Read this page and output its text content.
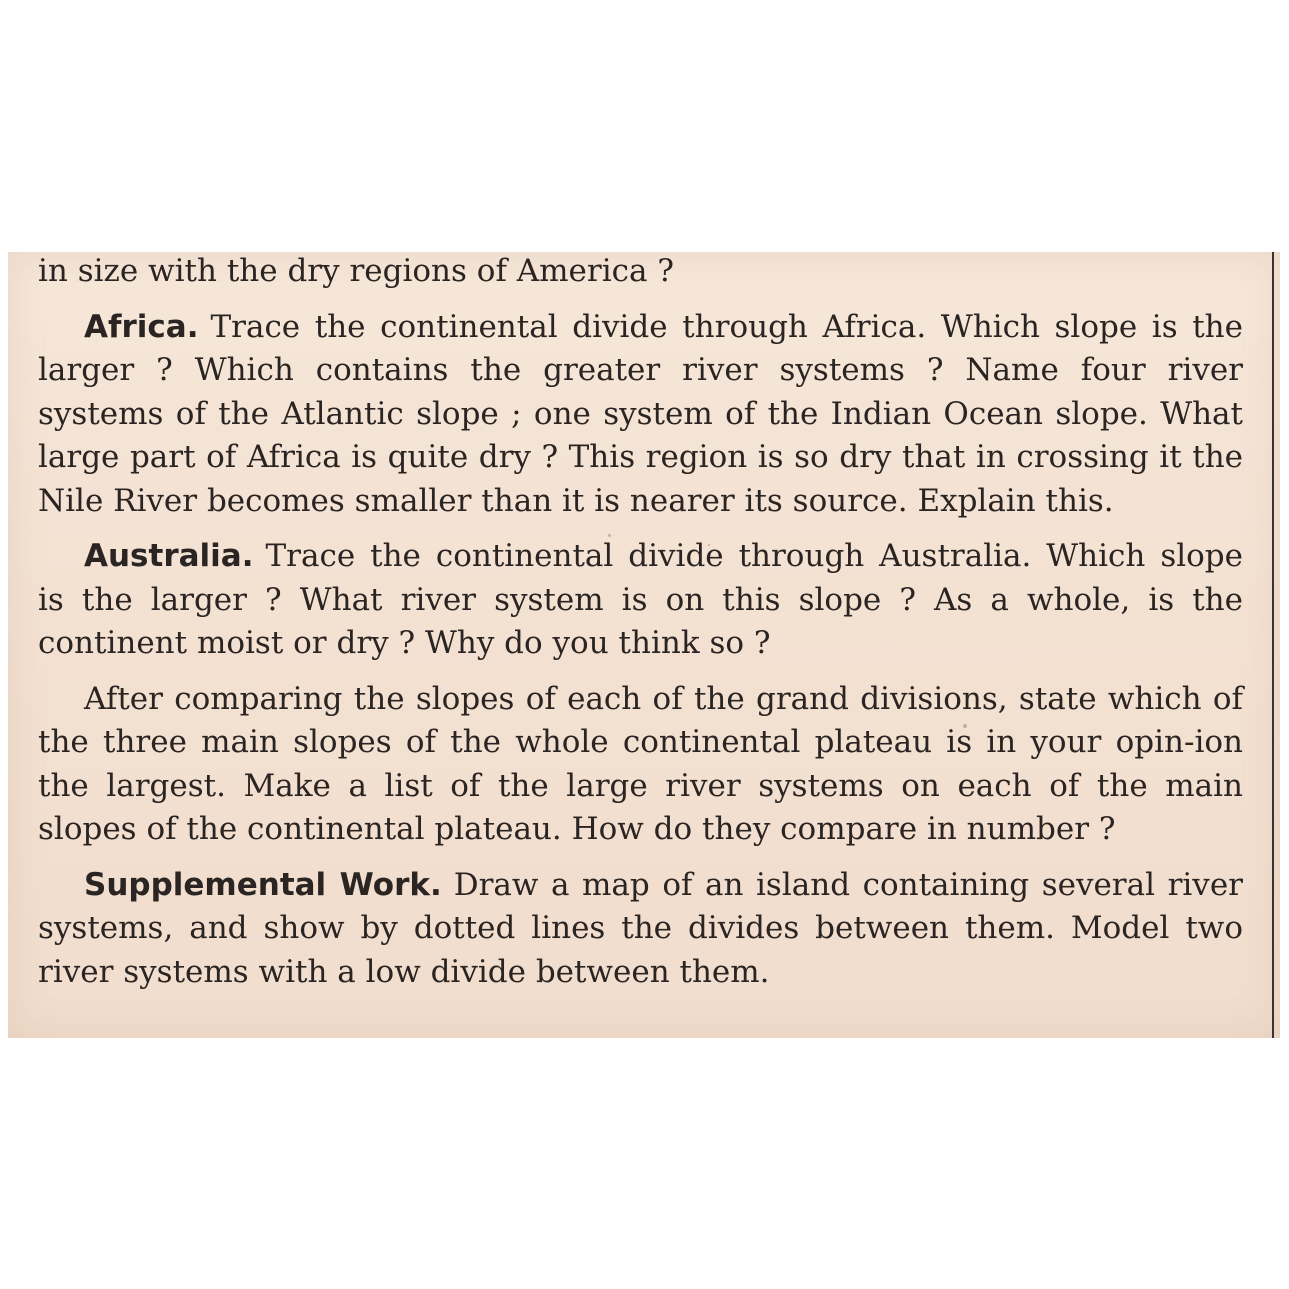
in size with the dry regions of America ?

Africa. Trace the continental divide through Africa. Which slope is the larger ? Which contains the greater river systems ? Name four river systems of the Atlantic slope ; one system of the Indian Ocean slope. What large part of Africa is quite dry ? This region is so dry that in crossing it the Nile River becomes smaller than it is nearer its source. Explain this.

Australia. Trace the continental divide through Australia. Which slope is the larger ? What river system is on this slope ? As a whole, is the continent moist or dry ? Why do you think so ?

After comparing the slopes of each of the grand divisions, state which of the three main slopes of the whole continental plateau is in your opin-ion the largest. Make a list of the large river systems on each of the main slopes of the continental plateau. How do they compare in number ?

Supplemental Work. Draw a map of an island containing several river systems, and show by dotted lines the divides between them. Model two river systems with a low divide between them.
